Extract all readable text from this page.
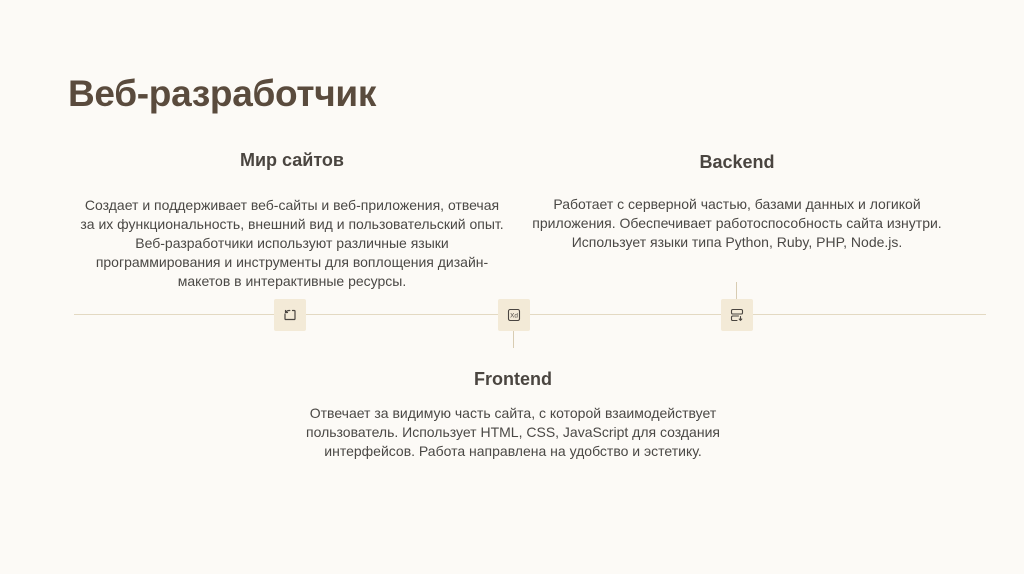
Веб-разработчик
Xd
Мир сайтов

Создает и поддерживает веб-сайты и веб-приложения, отвечая за их функциональность, внешний вид и пользовательский опыт. Веб-разработчики используют различные языки программирования и инструменты для воплощения дизайн-макетов в интерактивные ресурсы.

Frontend

Отвечает за видимую часть сайта, с которой взаимодействует пользователь. Использует HTML, CSS, JavaScript для создания интерфейсов. Работа направлена на удобство и эстетику.

Backend

Работает с серверной частью, базами данных и логикой приложения. Обеспечивает работоспособность сайта изнутри. Использует языки типа Python, Ruby, PHP, Node.js.
